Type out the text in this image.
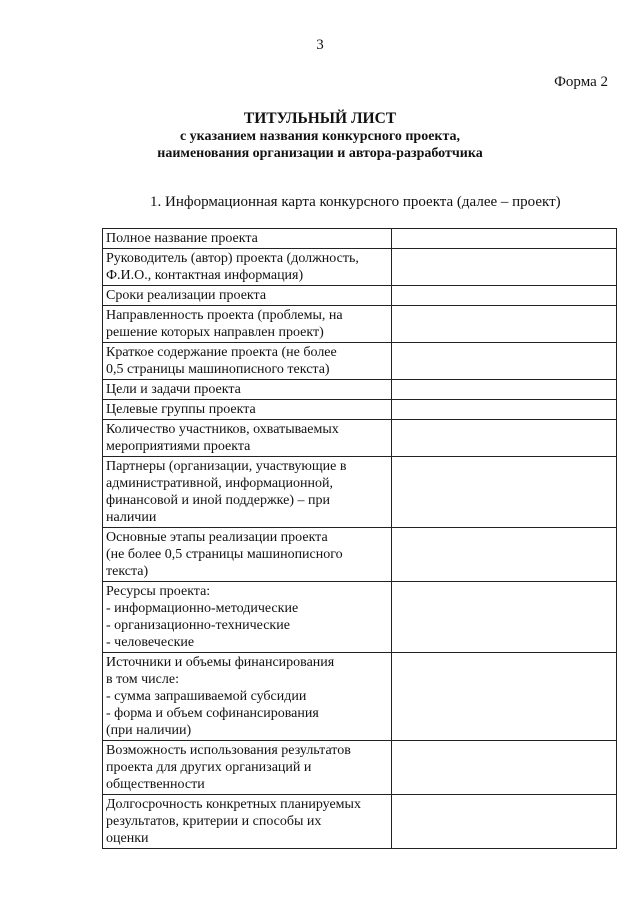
3
Форма 2
ТИТУЛЬНЫЙ ЛИСТ
с указанием названия конкурсного проекта,
наименования организации и автора-разработчика
1. Информационная карта конкурсного проекта (далее – проект)
Полное название проекта	

Руководитель (автор) проекта (должность,
Ф.И.О., контактная информация)	

Сроки реализации проекта	

Направленность проекта (проблемы, на
решение которых направлен проект)	

Краткое содержание проекта (не более
0,5 страницы машинописного текста)	

Цели и задачи проекта	

Целевые группы проекта	

Количество участников, охватываемых
мероприятиями проекта	

Партнеры (организации, участвующие в
административной, информационной,
финансовой и иной поддержке) – при
наличии	

Основные этапы реализации проекта
(не более 0,5 страницы машинописного
текста)	

Ресурсы проекта:
- информационно-методические
- организационно-технические
- человеческие	

Источники и объемы финансирования
в том числе:
- сумма запрашиваемой субсидии
- форма и объем софинансирования
(при наличии)	

Возможность использования результатов
проекта для других организаций и
общественности	

Долгосрочность конкретных планируемых
результатов, критерии и способы их
оценки	
